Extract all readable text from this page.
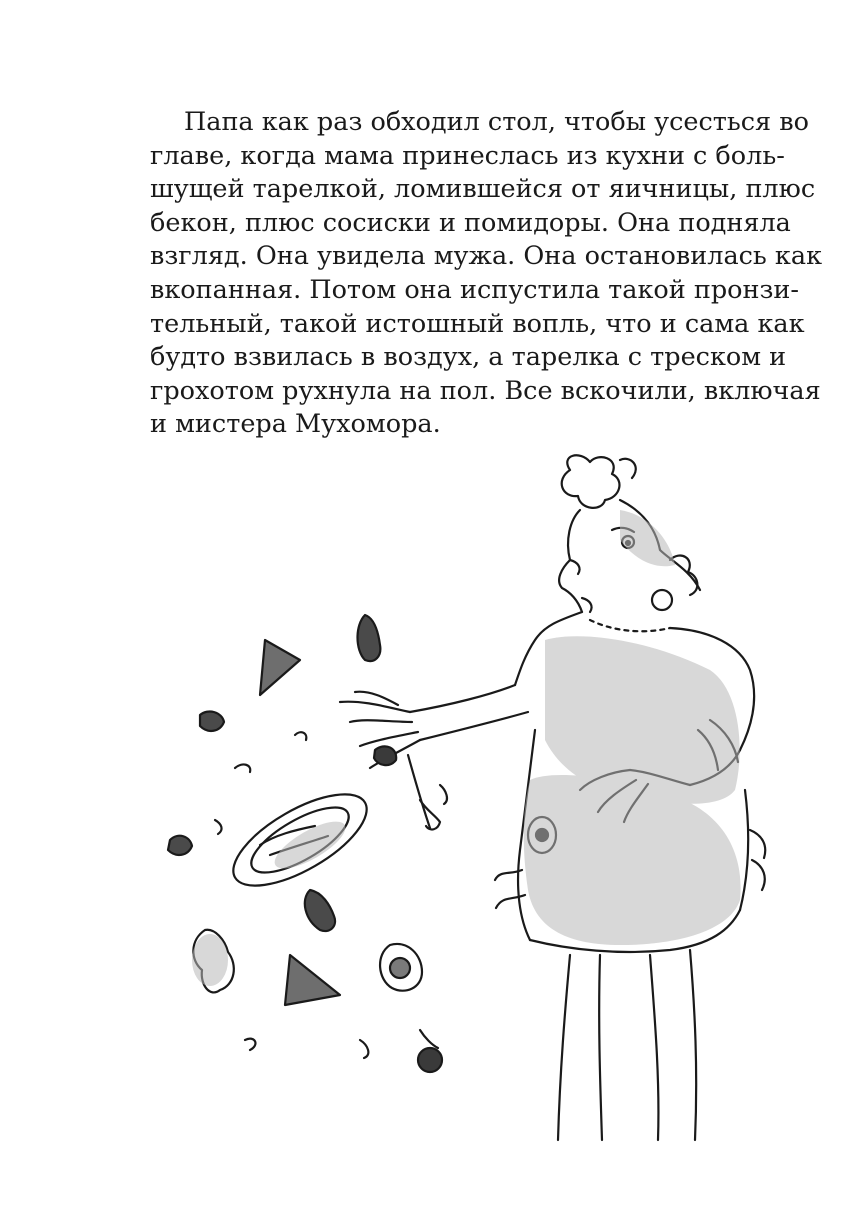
Папа как раз обходил стол, чтобы усесться во
главе, когда мама принеслась из кухни с боль-
шущей тарелкой, ломившейся от яичницы, плюс
бекон, плюс сосиски и помидоры. Она подняла
взгляд. Она увидела мужа. Она остановилась как
вкопанная. Потом она испустила такой пронзи-
тельный, такой истошный вопль, что и сама как
будто взвилась в воздух, а тарелка с треском и
грохотом рухнула на пол. Все вскочили, включая
и мистера Мухомора.
